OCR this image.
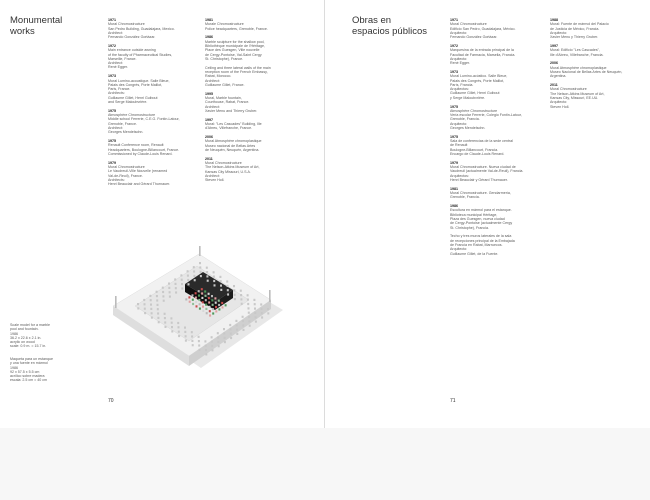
Monumental
works
1971
Mural Chromostructure
San Pedro Building, Guadalajara, Mexico.
Architect:
Fernando González Gortázar.
1972
Main entrance outside awning
of the faculty of Pharmaceutical Studies,
Marseille, France.
Architect:
René Egger.
1973
Mural Lumino-acoustique. Salle Bleue,
Palais des Congrès, Porte Maillot,
Paris, France.
Architects:
Guillaume Gillet, Henri Guibout
and Serge Maloubvrière.
1975
Atmosphère Chromostructure
Middle school Ferrerie, C.E.G. Fontin-Latour,
Grenoble, France.
Architect:
Georges Mendelsohn.
1975
Renault Conference room, Renault
Headquarters, Boulogne-Billancourt, France.
Commissioned by Claude-Louis Renard.
1979
Mural Chromostructure
Le Vaudreuil-Ville Nouvelle (renamed
Val-de-Reuil), France.
Architects:
Henri Beauclair and Gérard Thurnauer.
1981
Murale Chromostructure
Police headquarters, Grenoble, France.
1986
Marble sculpture for the shallow pool,
Bibliothèque municipale de l'Héritage,
Place des Guesgen, Ville nouvelle
de Cergy-Pontoise, Val-Saint Cergy
St. Christophe), France.
Ceiling and three lateral walls of the main
reception room of the French Embassy,
Rabat, Morocco.
Architect:
Guillaume Gillet, France.
1995
Mural, Marble fountain,
Courthouse, Rabat, France.
Architect:
Xavier Menu and Thierry Gruber.
1997
Mural: "Les Cascades" Building, Ille
d'Abreu, Villefranche, France.
2006
Mural Atmosphère chromoplastique
Museo nacional de Bellas Artes
de Neuquén, Neuquén, Argentina.
2011
Mural Chromostructure
The Nelson-Atkins Museum of Art,
Kansas City Missouri, U.S.A.
Architect:
Steven Holl.
Scale model for a marble
pool and fountain.
1986
36.2 x 22.6 x 2.1 in.
acrylic on wood
scale: 0.9 m. = 15.7 in.
Maqueta para un estanque
y una fuente en mármol
1986
92 x 57.5 x 5.5 cm
acrílico sobre madera
escala: 2.5 cm = 40 cm
70
Obras en
espacios públicos
1971
Mural Chromostructure
Edificio San Pedro, Guadalajara, México.
Arquitecto:
Fernando González Gortázar.
1972
Marquesina de la entrada principal de la
Facultad de Farmacia, Marsella, Francia.
Arquitecto:
René Egger.
1973
Mural Lumino-acústico. Salle Bleue,
Palais des Congrès, Porte Maillot,
París, Francia.
Arquitectos:
Guillaume Gillet, Henri Guibout
y Serge Maloubvrière.
1975
Atmosphère Chromostructure
Vería escolar Ferrerie, Colegio Fontin-Latour,
Grenoble, Francia.
Arquitecto:
Georges Mendelsohn.
1975
Sala de conferencias de la sede central
de Renault
Boulogne-Billancourt, Francia.
Encargo de Claude-Louis Renard.
1979
Mural Chromostructure. Nueva ciudad de
Vaudreuil (actualmente Val-de-Reuil), Francia.
Arquitectos:
Henri Beauclair y Gérard Thurnauer.
1981
Mural Chromostructure. Gendarmería,
Grenoble, Francia.
1986
Escultura en mármol para el estanque.
Biblioteca municipal Héritage,
Plaza des Guesgen, nueva ciudad
de Cergy-Pontoise (actualmente Cergy
St. Christophe), Francia.
Techo y tres muros laterales de la sala
de recepciones principal de la Embajada
de Francia en Rabat, Marruecos.
Arquitecto:
Guillaume Gillet, de la Fuente.
1988
Mural: Fuente de mármol del Palacio
de Justicia de México, Francia.
Arquitecto:
Xavier Menu y Thierry Gruber.
1997
Mural: Edificio "Les Cascades",
Ille d'Abreu, Villefranche, Francia.
2006
Mural Atmosphère chromoplastique
Museo Nacional de Bellas Artes de Neuquén,
Argentina.
2011
Mural Chromostructure
The Nelson-Atkins Museum of Art,
Kansas City, Missouri, EE.UU.
Arquitecto:
Steven Holl.
71
